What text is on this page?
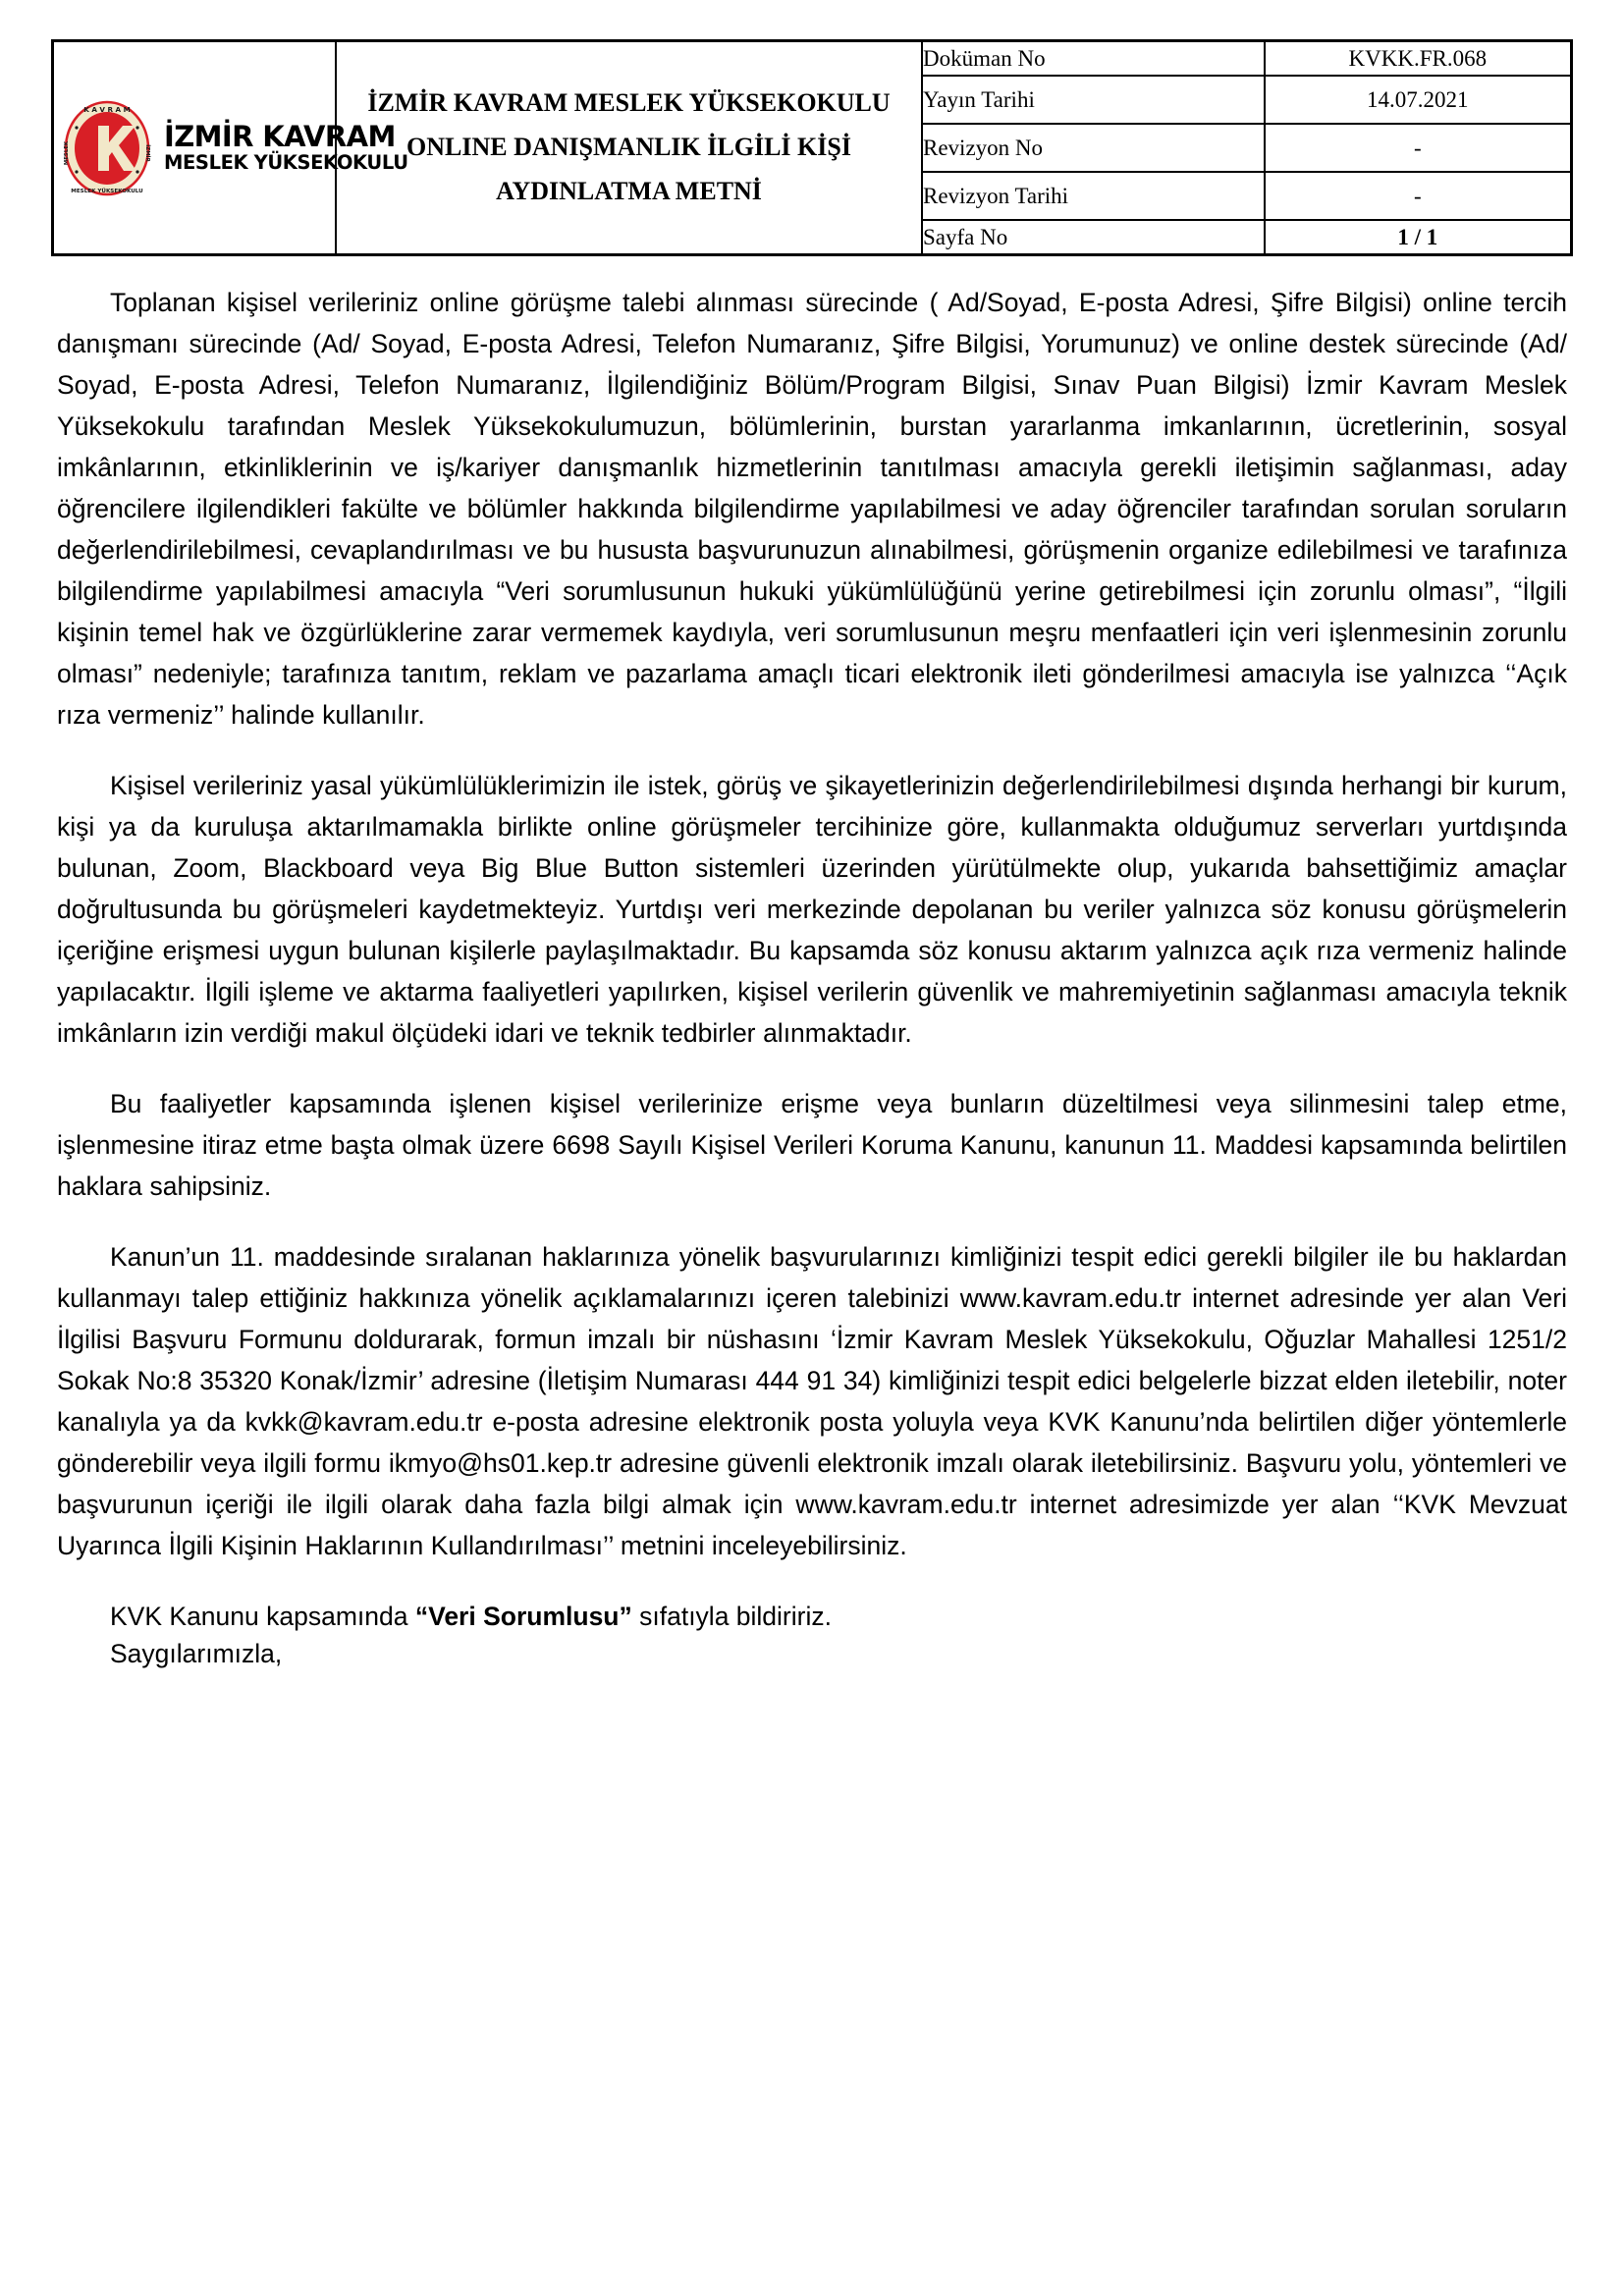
K A V R A M
MESLEK YÜKSEKOKULU
MESLEK	İZMİR İZMİR KAVRAM
MESLEK YÜKSEKOKULU

İZMİR KAVRAM MESLEK YÜKSEKOKULU
ONLINE DANIŞMANLIK İLGİLİ KİŞİ
AYDINLATMA METNİ

Doküman No	KVKK.FR.068
Yayın Tarihi	14.07.2021
Revizyon No	-
Revizyon Tarihi	-
Sayfa No	1 / 1

Toplanan kişisel verileriniz online görüşme talebi alınması sürecinde ( Ad/Soyad, E-posta Adresi, Şifre Bilgisi) online tercih danışmanı sürecinde (Ad/ Soyad, E-posta Adresi, Telefon Numaranız, Şifre Bilgisi, Yorumunuz) ve online destek sürecinde (Ad/ Soyad, E-posta Adresi, Telefon Numaranız, İlgilendiğiniz Bölüm/Program Bilgisi, Sınav Puan Bilgisi) İzmir Kavram Meslek Yüksekokulu tarafından Meslek Yüksekokulumuzun, bölümlerinin, burstan yararlanma imkanlarının, ücretlerinin, sosyal imkânlarının, etkinliklerinin ve iş/kariyer danışmanlık hizmetlerinin tanıtılması amacıyla gerekli iletişimin sağlanması, aday öğrencilere ilgilendikleri fakülte ve bölümler hakkında bilgilendirme yapılabilmesi ve aday öğrenciler tarafından sorulan soruların değerlendirilebilmesi, cevaplandırılması ve bu hususta başvurunuzun alınabilmesi, görüşmenin organize edilebilmesi ve tarafınıza bilgilendirme yapılabilmesi amacıyla “Veri sorumlusunun hukuki yükümlülüğünü yerine getirebilmesi için zorunlu olması”, “İlgili kişinin temel hak ve özgürlüklerine zarar vermemek kaydıyla, veri sorumlusunun meşru menfaatleri için veri işlenmesinin zorunlu olması” nedeniyle; tarafınıza tanıtım, reklam ve pazarlama amaçlı ticari elektronik ileti gönderilmesi amacıyla ise yalnızca ‘‘Açık rıza vermeniz’’ halinde kullanılır.

Kişisel verileriniz yasal yükümlülüklerimizin ile istek, görüş ve şikayetlerinizin değerlendirilebilmesi dışında herhangi bir kurum, kişi ya da kuruluşa aktarılmamakla birlikte online görüşmeler tercihinize göre, kullanmakta olduğumuz serverları yurtdışında bulunan, Zoom, Blackboard veya Big Blue Button sistemleri üzerinden yürütülmekte olup, yukarıda bahsettiğimiz amaçlar doğrultusunda bu görüşmeleri kaydetmekteyiz. Yurtdışı veri merkezinde depolanan bu veriler yalnızca söz konusu görüşmelerin içeriğine erişmesi uygun bulunan kişilerle paylaşılmaktadır. Bu kapsamda söz konusu aktarım yalnızca açık rıza vermeniz halinde yapılacaktır. İlgili işleme ve aktarma faaliyetleri yapılırken, kişisel verilerin güvenlik ve mahremiyetinin sağlanması amacıyla teknik imkânların izin verdiği makul ölçüdeki idari ve teknik tedbirler alınmaktadır.

Bu faaliyetler kapsamında işlenen kişisel verilerinize erişme veya bunların düzeltilmesi veya silinmesini talep etme, işlenmesine itiraz etme başta olmak üzere 6698 Sayılı Kişisel Verileri Koruma Kanunu, kanunun 11. Maddesi kapsamında belirtilen haklara sahipsiniz.

Kanun’un 11. maddesinde sıralanan haklarınıza yönelik başvurularınızı kimliğinizi tespit edici gerekli bilgiler ile bu haklardan kullanmayı talep ettiğiniz hakkınıza yönelik açıklamalarınızı içeren talebinizi www.kavram.edu.tr internet adresinde yer alan Veri İlgilisi Başvuru Formunu doldurarak, formun imzalı bir nüshasını ‘İzmir Kavram Meslek Yüksekokulu, Oğuzlar Mahallesi 1251/2 Sokak No:8 35320 Konak/İzmir’ adresine (İletişim Numarası 444 91 34) kimliğinizi tespit edici belgelerle bizzat elden iletebilir, noter kanalıyla ya da kvkk@kavram.edu.tr e-posta adresine elektronik posta yoluyla veya KVK Kanunu’nda belirtilen diğer yöntemlerle gönderebilir veya ilgili formu ikmyo@hs01.kep.tr adresine güvenli elektronik imzalı olarak iletebilirsiniz. Başvuru yolu, yöntemleri ve başvurunun içeriği ile ilgili olarak daha fazla bilgi almak için www.kavram.edu.tr internet adresimizde yer alan ‘‘KVK Mevzuat Uyarınca İlgili Kişinin Haklarının Kullandırılması’’ metnini inceleyebilirsiniz.

KVK Kanunu kapsamında “Veri Sorumlusu” sıfatıyla bildiririz.

Saygılarımızla,
